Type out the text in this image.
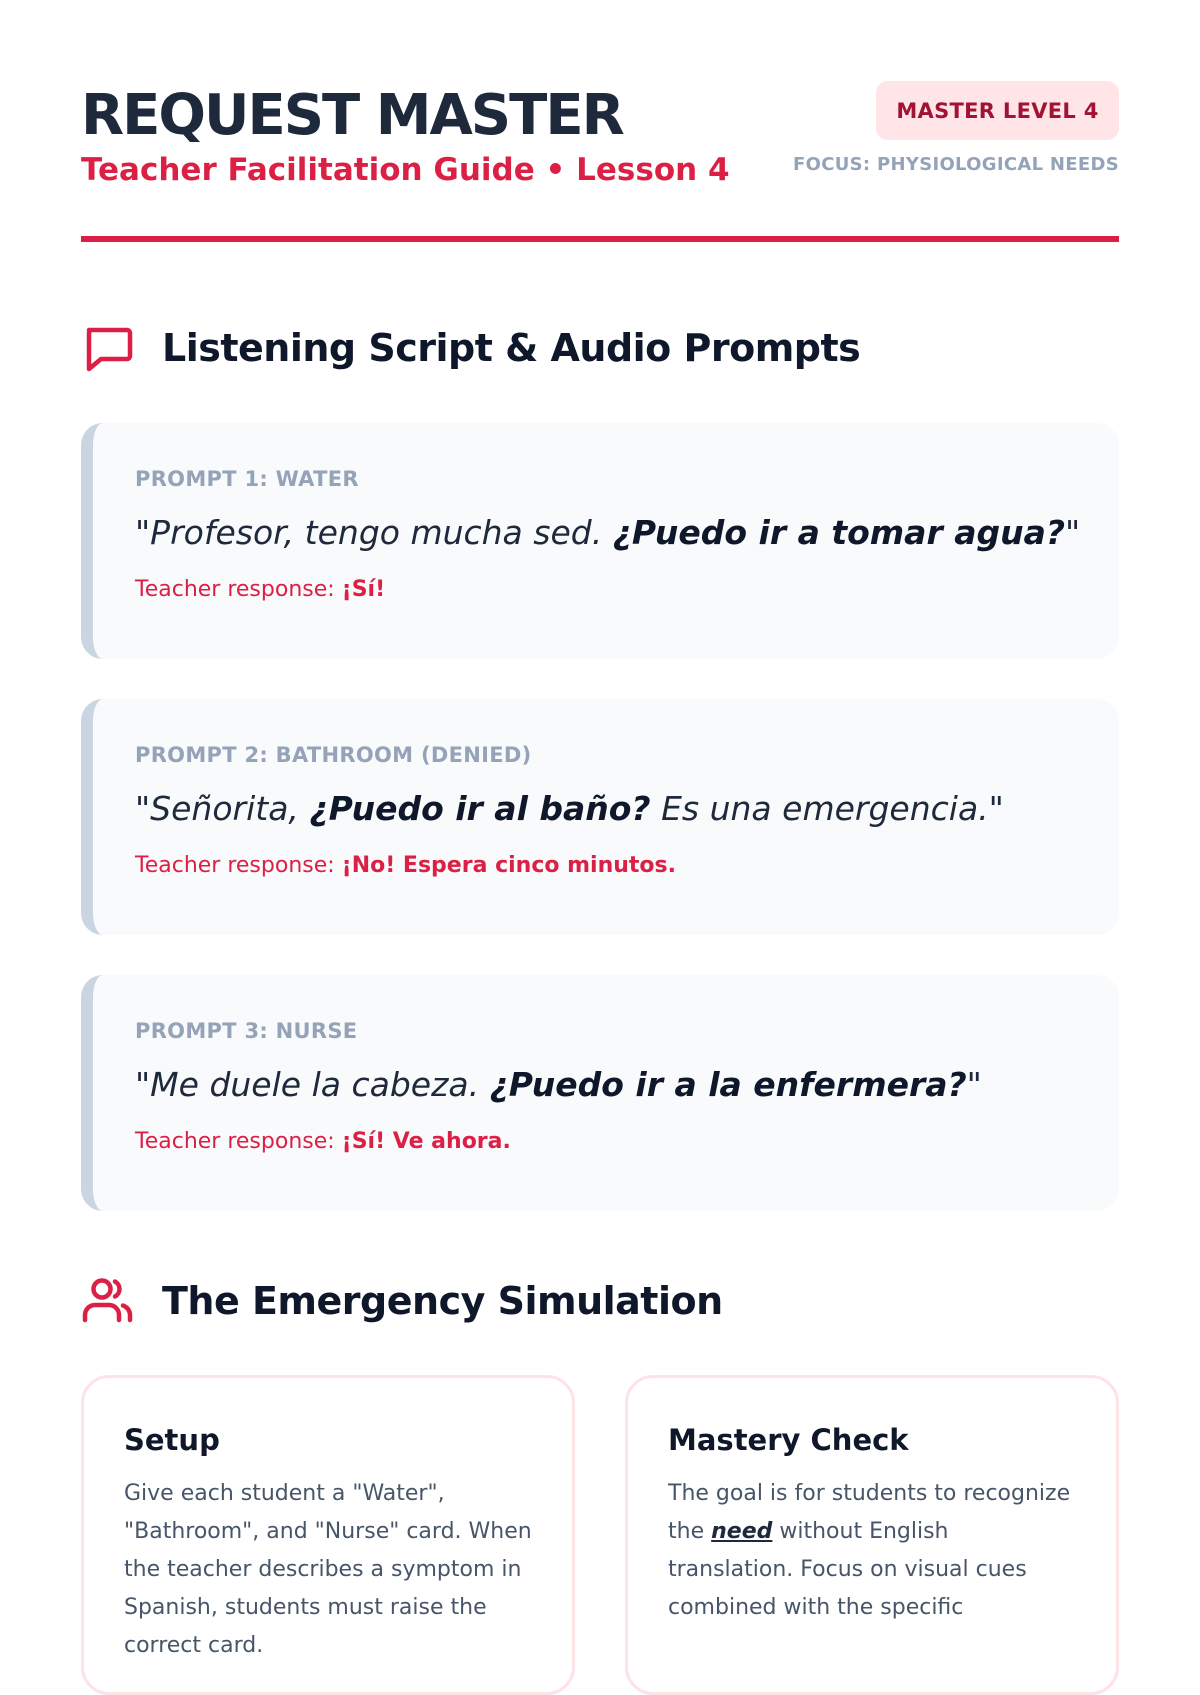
REQUEST MASTER
Teacher Facilitation Guide • Lesson 4
MASTER LEVEL 4
FOCUS: PHYSIOLOGICAL NEEDS
Listening Script & Audio Prompts
PROMPT 1: WATER
"Profesor, tengo mucha sed. ¿Puedo ir a tomar agua?"
Teacher response: ¡Sí!
PROMPT 2: BATHROOM (DENIED)
"Señorita, ¿Puedo ir al baño? Es una emergencia."
Teacher response: ¡No! Espera cinco minutos.
PROMPT 3: NURSE
"Me duele la cabeza. ¿Puedo ir a la enfermera?"
Teacher response: ¡Sí! Ve ahora.
The Emergency Simulation
Setup

Give each student a "Water", "Bathroom", and "Nurse" card. When the teacher describes a symptom in Spanish, students must raise the correct card.

Mastery Check

The goal is for students to recognize the need without English translation. Focus on visual cues combined with the specific
